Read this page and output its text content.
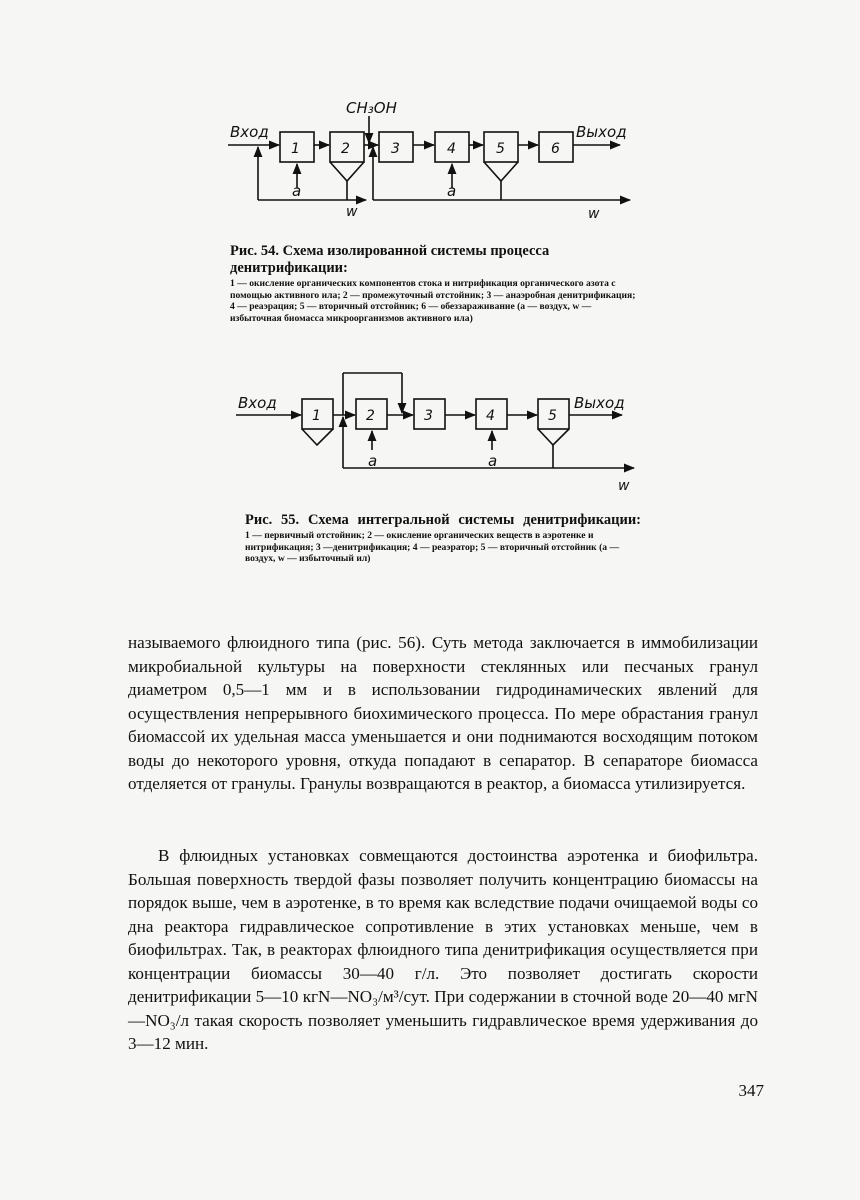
Вход	Выход
CH₃OH
1	2	3	4	5	6
a	a
w	w
Рис. 54. Схема изолированной системы процесса денитрификации:
1 — окисление органических компонентов стока и нитрификация органического азота с помощью активного ила; 2 — промежуточный отстойник; 3 — анаэробная денитрификация; 4 — реаэрация; 5 — вторичный отстойник; 6 — обеззараживание (a — воздух, w — избыточная биомасса микроорганизмов активного ила)
Вход	Выход
1	2	3	4	5
a	a
w
Рис. 55. Схема интегральной системы денитрификации:
1 — первичный отстойник; 2 — окисление органических веществ в аэротенке и нитрификация; 3 —денитрификация; 4 — реаэратор; 5 — вторичный отстойник (a — воздух, w — избыточный ил)

называемого флюидного типа (рис. 56). Суть метода заключается в иммобилизации микробиальной культуры на поверхности стеклянных или песчаных гранул диаметром 0,5—1 мм и в использовании гидродинамических явлений для осуществления непрерывного биохимического процесса. По мере обрастания гранул биомассой их удельная масса уменьшается и они поднимаются восходящим потоком воды до некоторого уровня, откуда попадают в сепаратор. В сепараторе биомасса отделяется от гранулы. Гранулы возвращаются в реактор, а биомасса утилизируется.

В флюидных установках совмещаются достоинства аэротенка и биофильтра. Большая поверхность твердой фазы позволяет получить концентрацию биомассы на порядок выше, чем в аэротенке, в то время как вследствие подачи очищаемой воды со дна реактора гидравлическое сопротивление в этих установках меньше, чем в биофильтрах. Так, в реакторах флюидного типа денитрификация осуществляется при концентрации биомассы 30—40 г/л. Это позволяет достигать скорости денитрификации 5—10 кгN—NO₃/м³/сут. При содержании в сточной воде 20—40 мгN—NO₃/л такая скорость позволяет уменьшить гидравлическое время удерживания до 3—12 мин.

347
